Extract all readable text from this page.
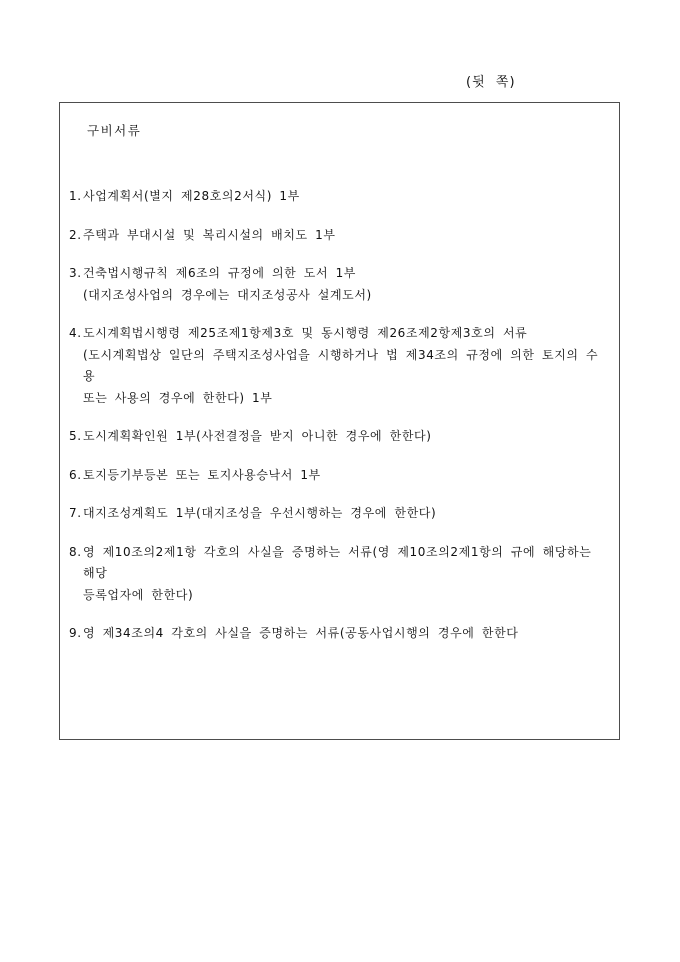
(뒷  쪽)
구비서류
1. 사업계획서(별지 제28호의2서식) 1부
2. 주택과 부대시설 및 복리시설의 배치도 1부
3. 건축법시행규칙 제6조의 규정에 의한 도서 1부
(대지조성사업의 경우에는 대지조성공사 설계도서)
4. 도시계획법시행령 제25조제1항제3호 및 동시행령 제26조제2항제3호의 서류
(도시계획법상 일단의 주택지조성사업을 시행하거나 법 제34조의 규정에 의한 토지의 수용
또는 사용의 경우에 한한다) 1부
5. 도시계획확인원 1부(사전결정을 받지 아니한 경우에 한한다)
6. 토지등기부등본 또는 토지사용승낙서 1부
7. 대지조성계획도 1부(대지조성을 우선시행하는 경우에 한한다)
8. 영 제10조의2제1항 각호의 사실을 증명하는 서류(영 제10조의2제1항의 규에 해당하는 해당
등록업자에 한한다)
9. 영 제34조의4 각호의 사실을 증명하는 서류(공동사업시행의 경우에 한한다
